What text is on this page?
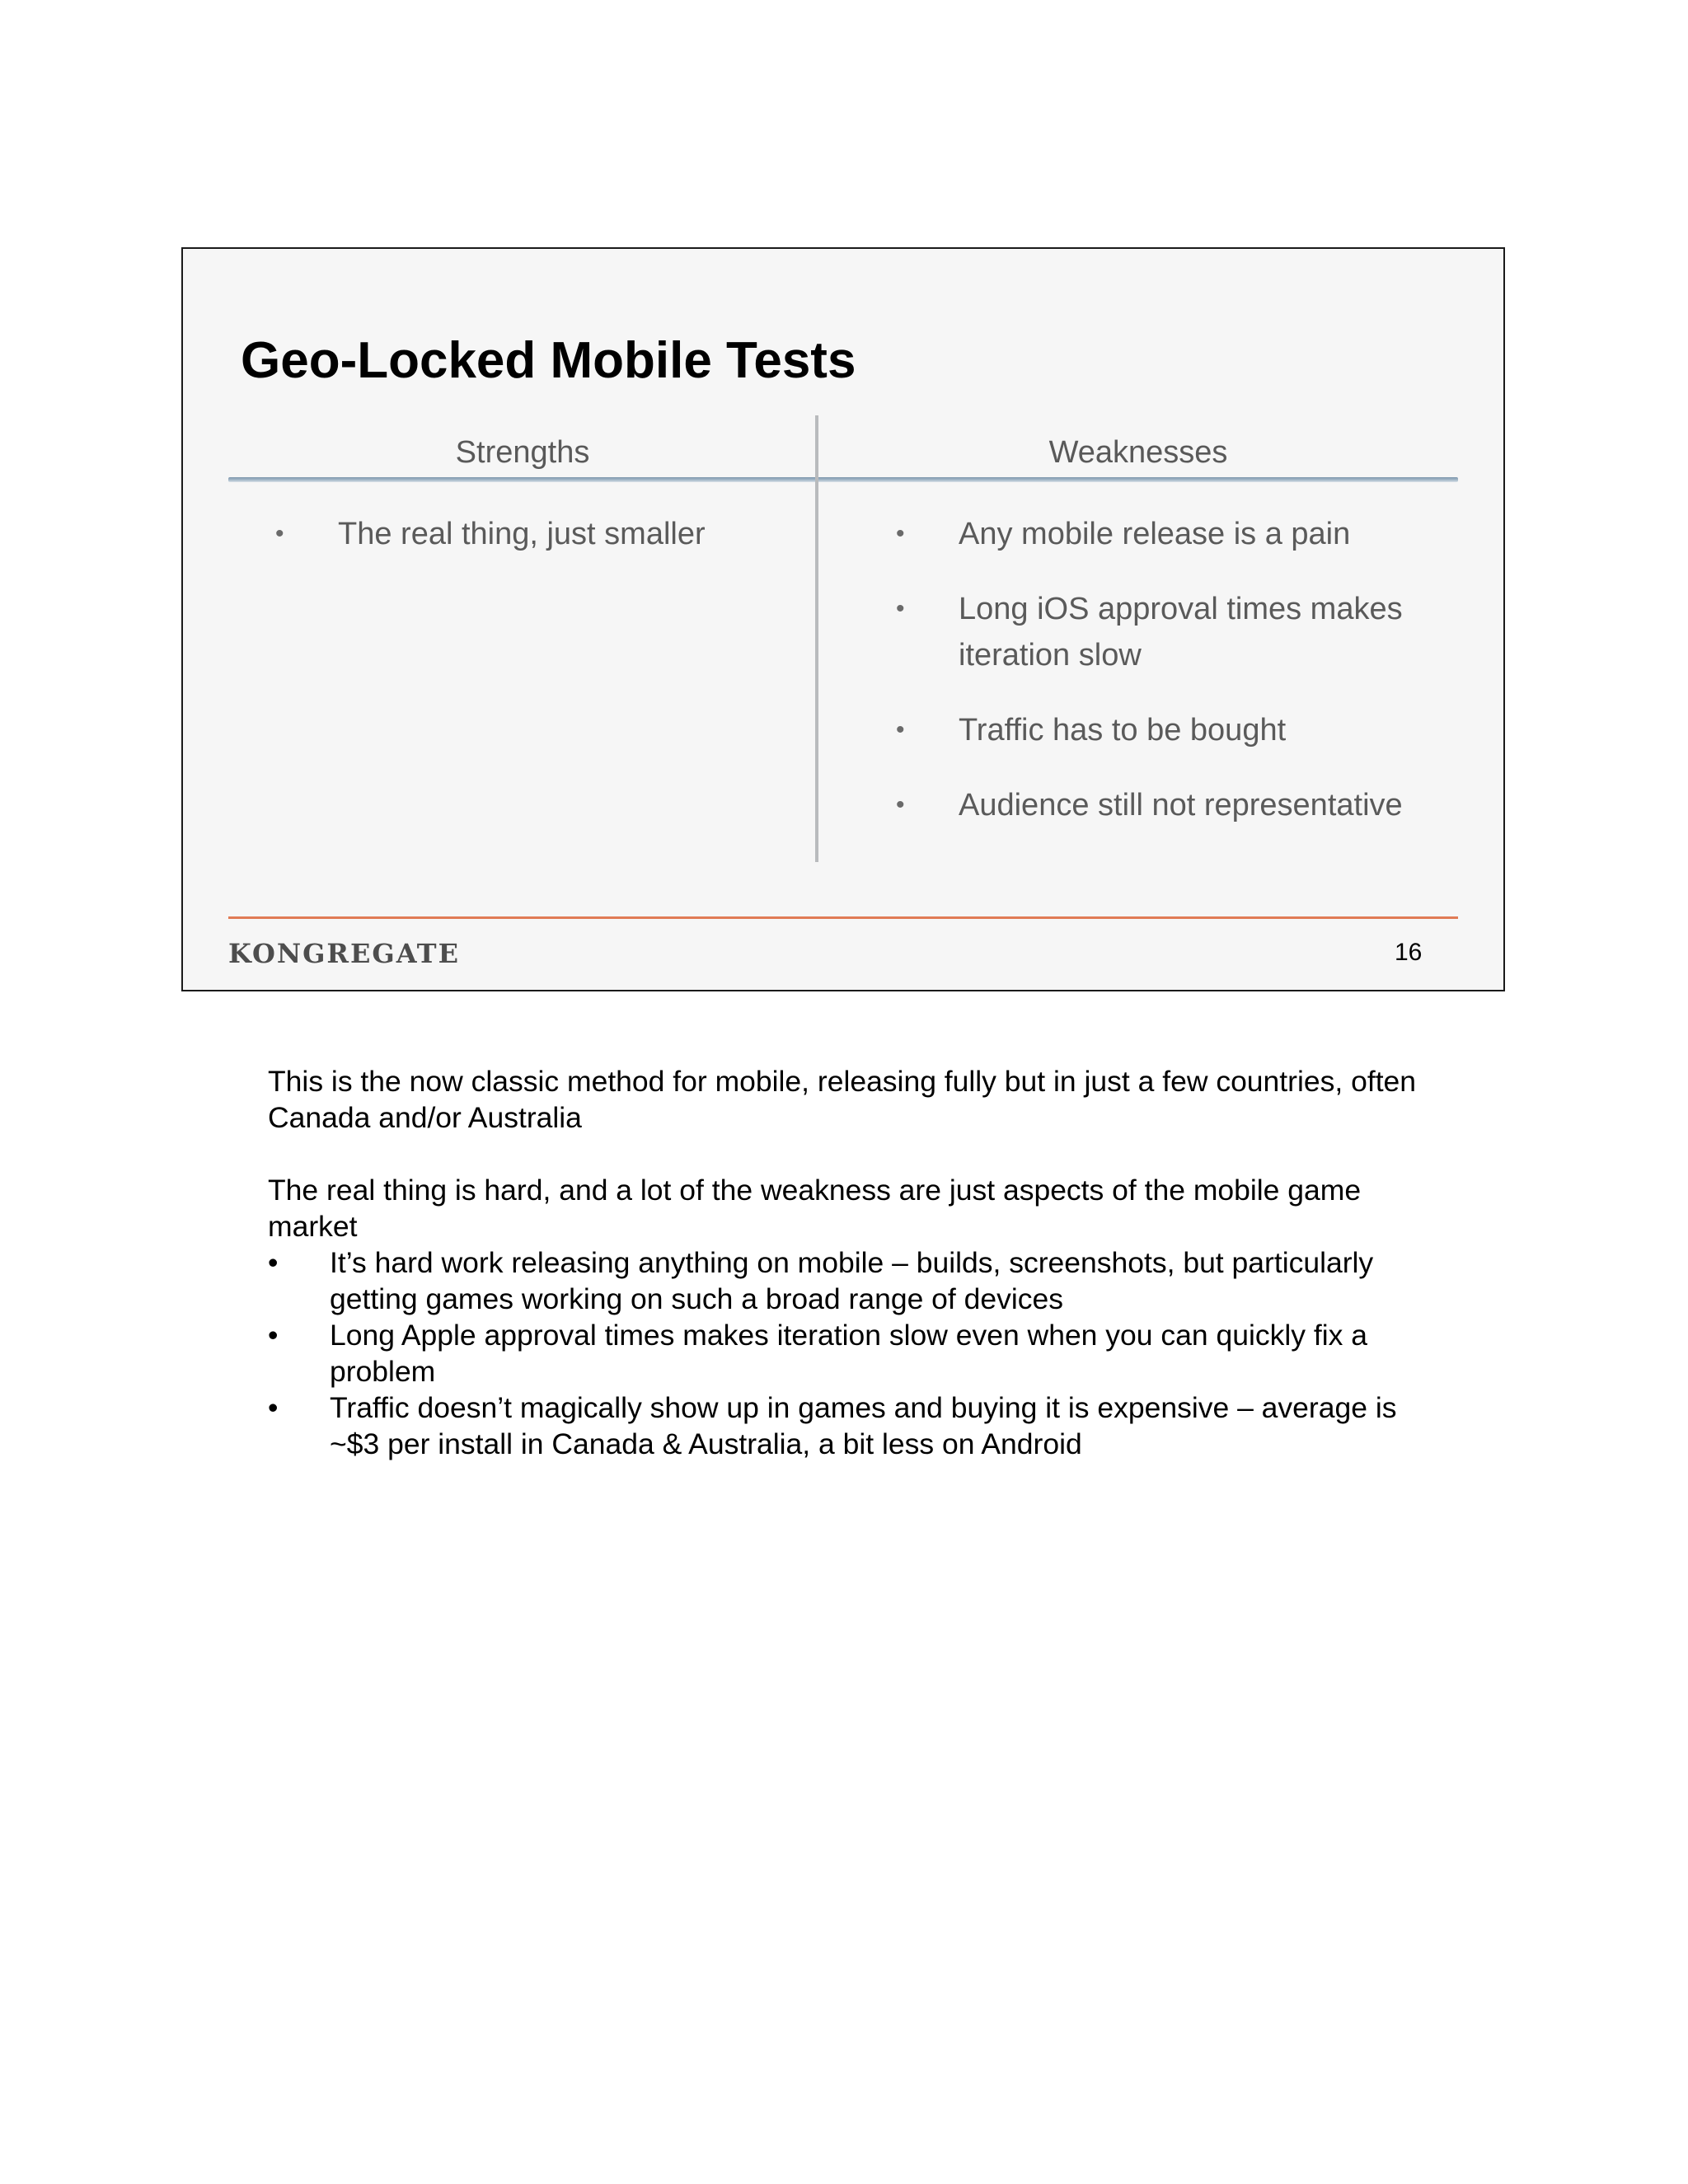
Geo-Locked Mobile Tests
Strengths	Weaknesses
• The real thing, just smaller	• Any mobile release is a pain
• Long iOS approval times makes iteration slow
• Traffic has to be bought
• Audience still not representative
KONGREGATE	16

This is the now classic method for mobile, releasing fully but in just a few countries, often Canada and/or Australia

The real thing is hard, and a lot of the weakness are just aspects of the mobile game market

• It’s hard work releasing anything on mobile – builds, screenshots, but particularly getting games working on such a broad range of devices
• Long Apple approval times makes iteration slow even when you can quickly fix a problem
• Traffic doesn’t magically show up in games and buying it is expensive – average is ~$3 per install in Canada & Australia, a bit less on Android
